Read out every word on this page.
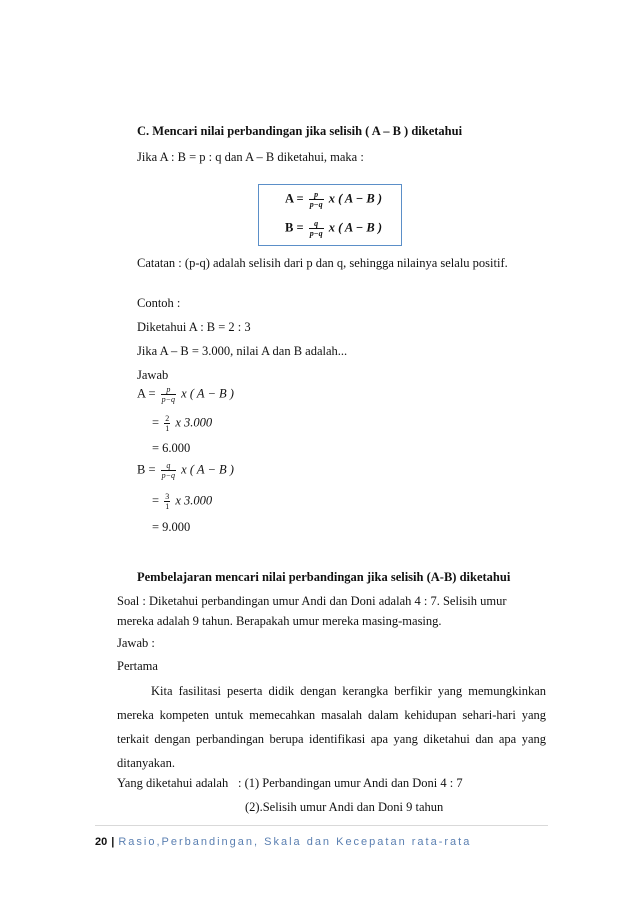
C. Mencari nilai perbandingan jika selisih ( A – B ) diketahui
Jika A : B = p : q dan A – B diketahui, maka :
$A = \frac{p}{p-q}$ x ( A − B )
$B = \frac{q}{p-q}$ x ( A − B )
Catatan : (p-q) adalah selisih dari p dan q, sehingga nilainya selalu positif.
Contoh :
Diketahui A : B = 2 : 3
Jika A – B = 3.000, nilai A dan B adalah...
Jawab
$A = \frac{p}{p-q}$ x ( A − B )
= $\frac{2}{1}$ x 3.000
= 6.000
$B = \frac{q}{p-q}$ x ( A − B )
= $\frac{3}{1}$ x 3.000
= 9.000
Pembelajaran mencari nilai perbandingan jika selisih (A-B) diketahui
Soal : Diketahui perbandingan umur Andi dan Doni adalah 4 : 7. Selisih umur
mereka adalah 9 tahun. Berapakah umur mereka masing-masing.
Jawab :
Pertama
Kita fasilitasi peserta didik dengan kerangka berfikir yang memungkinkan
mereka kompeten untuk memecahkan masalah dalam kehidupan sehari-hari yang
terkait dengan perbandingan berupa identifikasi apa yang diketahui dan apa yang
ditanyakan.
Yang diketahui adalah : (1) Perbandingan umur Andi dan Doni 4 : 7
(2).Selisih umur Andi dan Doni 9 tahun
20 | Rasio,Perbandingan, Skala dan Kecepatan rata-rata
